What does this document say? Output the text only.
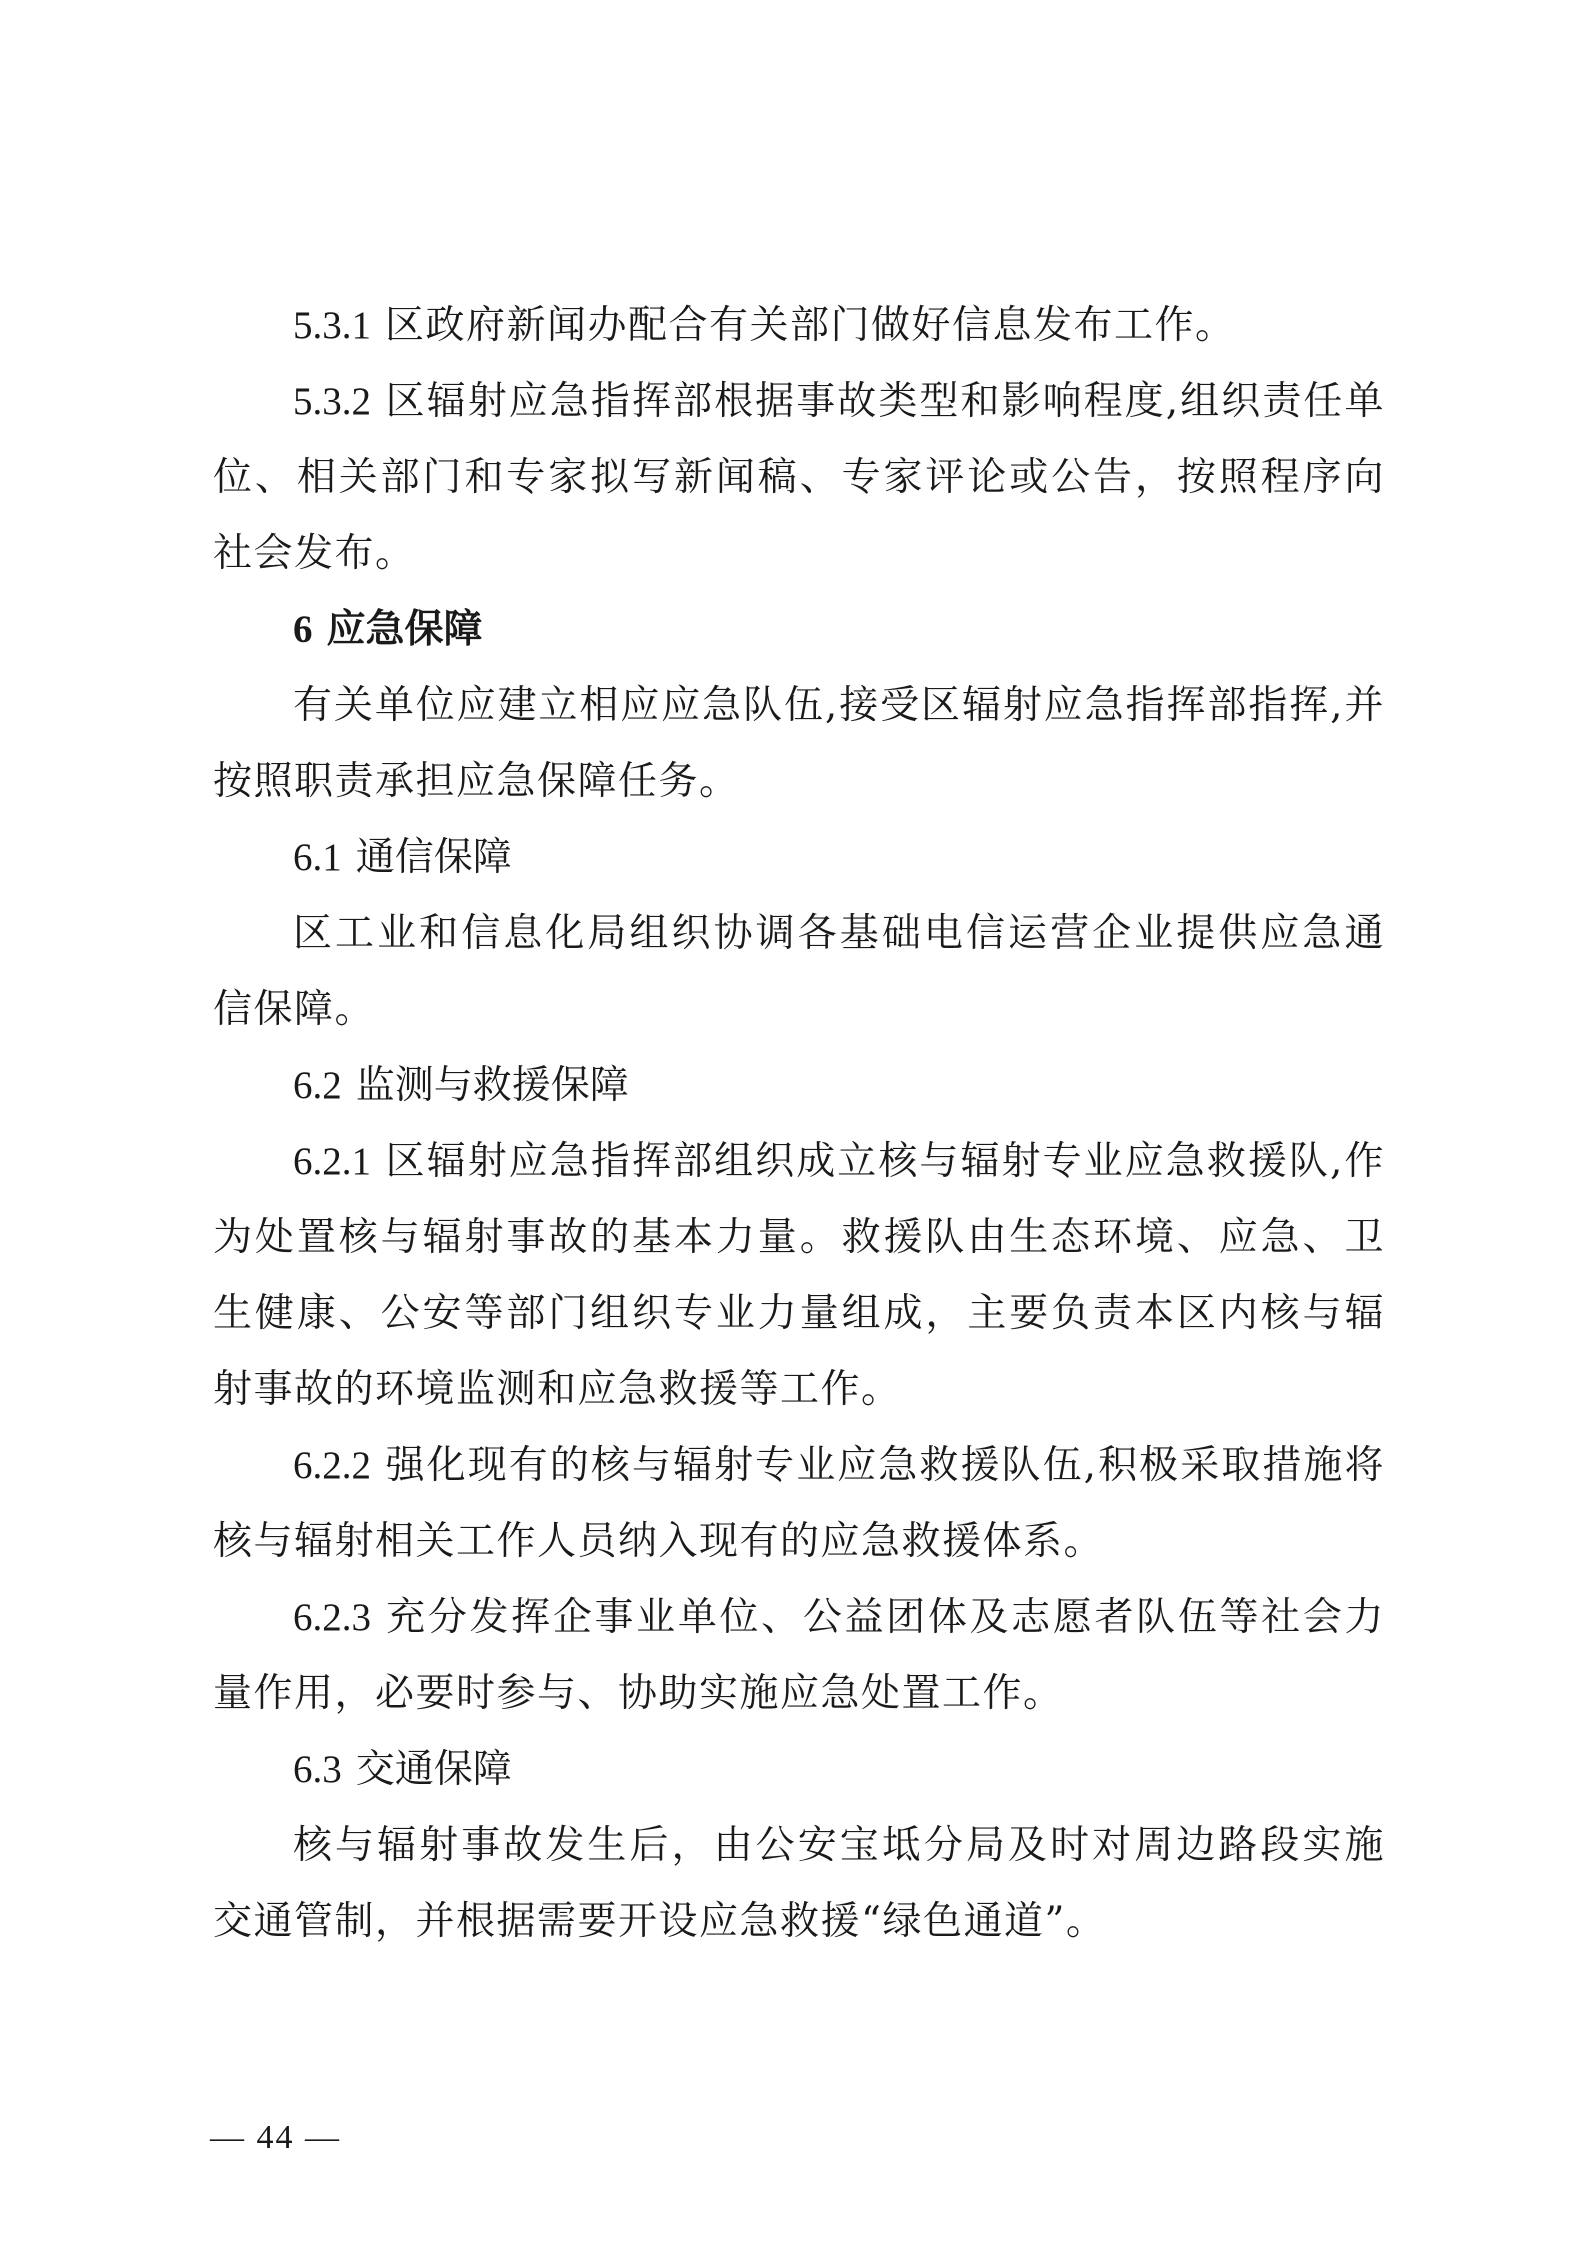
5.3.1 区政府新闻办配合有关部门做好信息发布工作。

5.3.2 区辐射应急指挥部根据事故类型和影响程度,组织责任单位、相关部门和专家拟写新闻稿、专家评论或公告，按照程序向社会发布。

6 应急保障

有关单位应建立相应应急队伍,接受区辐射应急指挥部指挥,并按照职责承担应急保障任务。

6.1 通信保障

区工业和信息化局组织协调各基础电信运营企业提供应急通信保障。

6.2 监测与救援保障

6.2.1 区辐射应急指挥部组织成立核与辐射专业应急救援队,作为处置核与辐射事故的基本力量。救援队由生态环境、应急、卫生健康、公安等部门组织专业力量组成，主要负责本区内核与辐射事故的环境监测和应急救援等工作。

6.2.2 强化现有的核与辐射专业应急救援队伍,积极采取措施将核与辐射相关工作人员纳入现有的应急救援体系。

6.2.3 充分发挥企事业单位、公益团体及志愿者队伍等社会力量作用，必要时参与、协助实施应急处置工作。

6.3 交通保障

核与辐射事故发生后，由公安宝坻分局及时对周边路段实施交通管制，并根据需要开设应急救援“绿色通道”。

— 44 —
